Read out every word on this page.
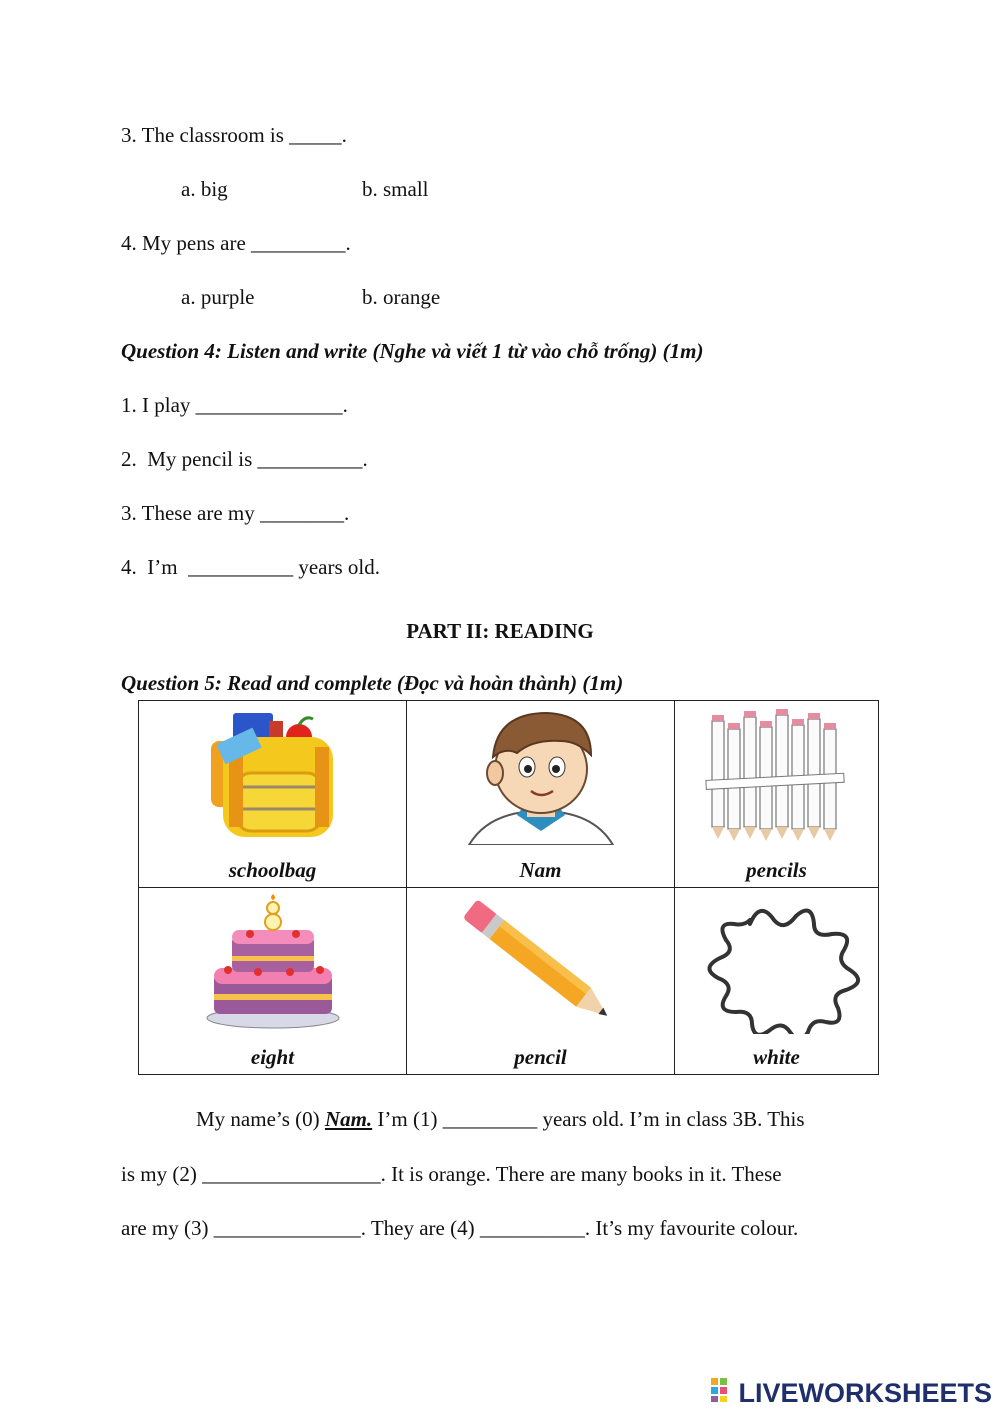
3. The classroom is _____.
a. big	b. small
4. My pens are _________.
a. purple	b. orange
Question 4: Listen and write (Nghe và viết 1 từ vào chỗ trống) (1m)
1. I play ______________.
2.  My pencil is __________.
3. These are my ________.
4.  I’m  __________ years old.
PART II: READING
Question 5: Read and complete (Đọc và hoàn thành) (1m)
schoolbag	Nam	pencils

eight	pencil	white
My name’s (0) Nam. I’m (1) _________ years old. I’m in class 3B. This
is my (2) _________________. It is orange. There are many books in it. These
are my (3) ______________. They are (4) __________. It’s my favourite colour.
LIVEWORKSHEETS
